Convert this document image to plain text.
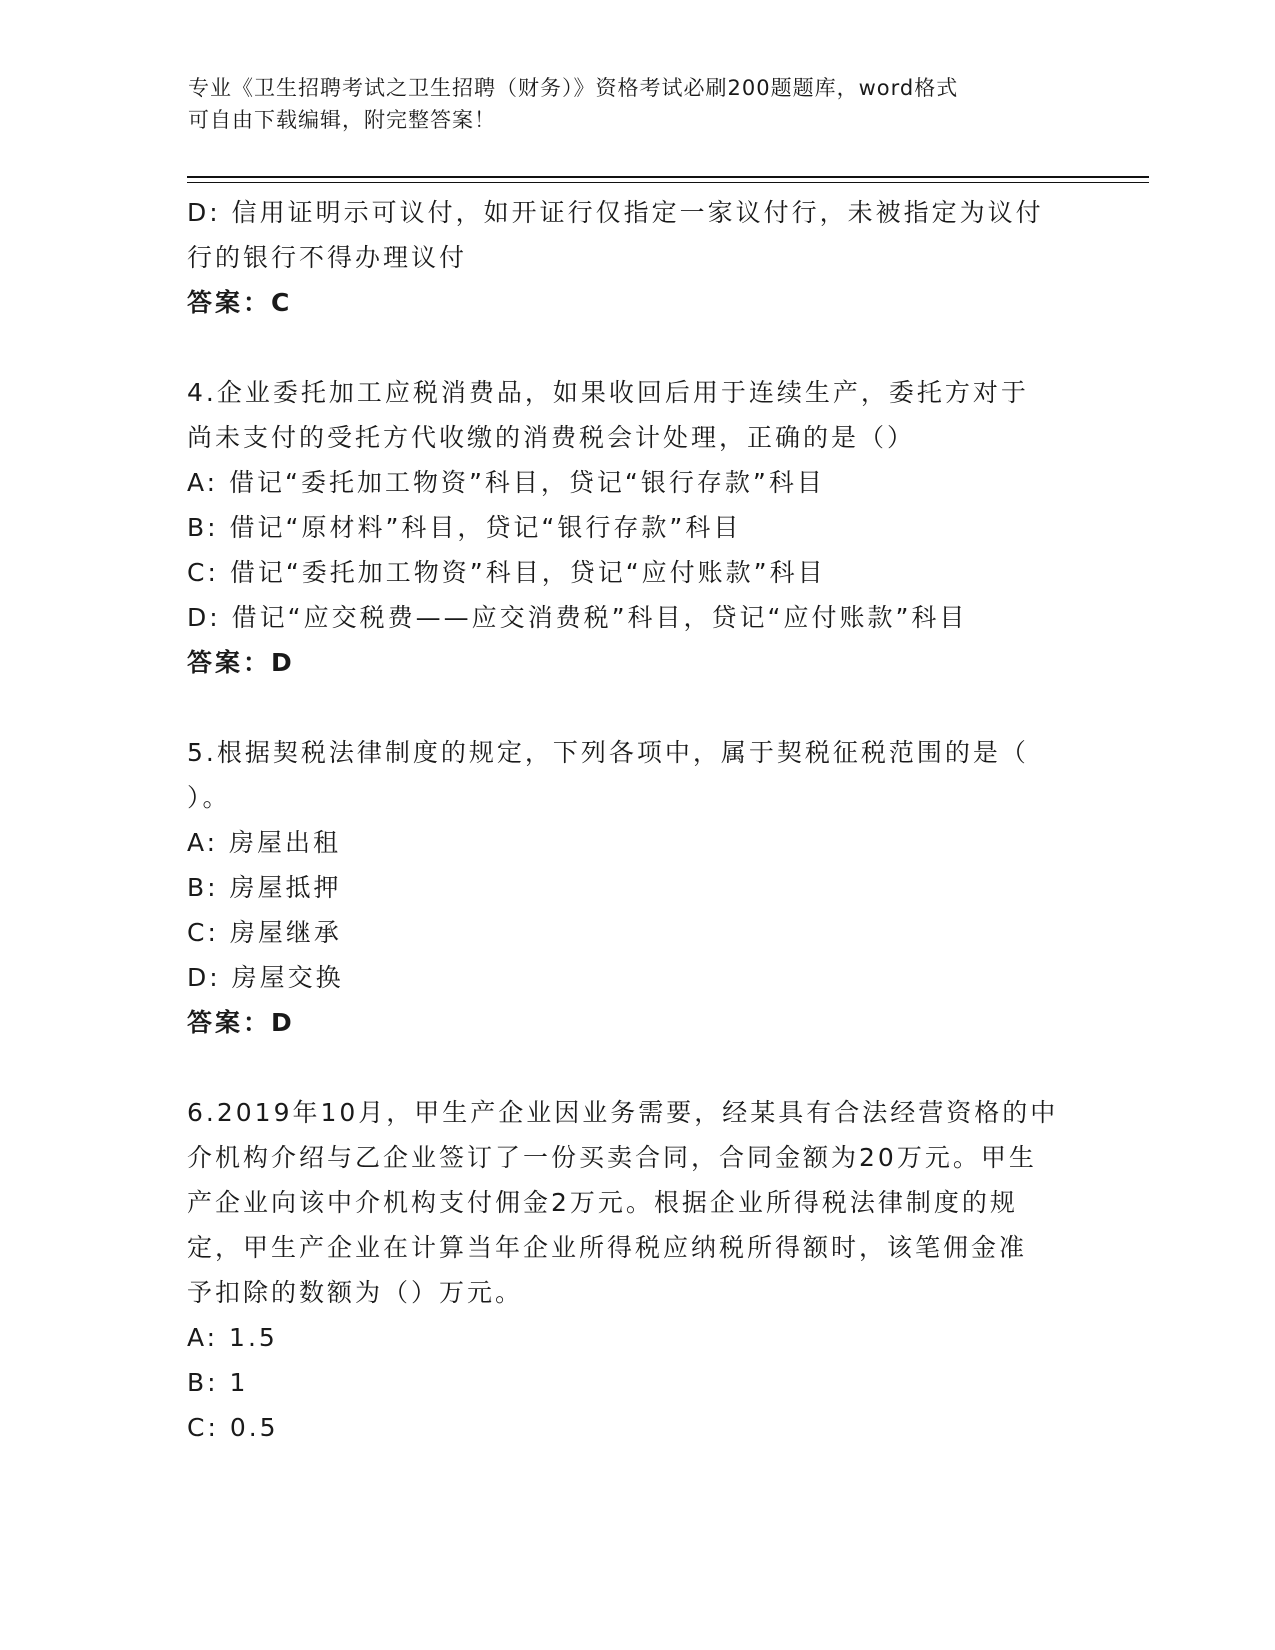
专业《卫生招聘考试之卫生招聘（财务）》资格考试必刷200题题库，word格式
可自由下载编辑，附完整答案！
D: 信用证明示可议付，如开证行仅指定一家议付行，未被指定为议付
行的银行不得办理议付
答案：C
4.企业委托加工应税消费品，如果收回后用于连续生产，委托方对于
尚未支付的受托方代收缴的消费税会计处理，正确的是（）
A: 借记“委托加工物资”科目，贷记“银行存款”科目
B: 借记“原材料”科目，贷记“银行存款”科目
C: 借记“委托加工物资”科目，贷记“应付账款”科目
D: 借记“应交税费——应交消费税”科目，贷记“应付账款”科目
答案：D
5.根据契税法律制度的规定，下列各项中，属于契税征税范围的是（
）。
A: 房屋出租
B: 房屋抵押
C: 房屋继承
D: 房屋交换
答案：D
6.2019年10月，甲生产企业因业务需要，经某具有合法经营资格的中
介机构介绍与乙企业签订了一份买卖合同，合同金额为20万元。甲生
产企业向该中介机构支付佣金2万元。根据企业所得税法律制度的规
定，甲生产企业在计算当年企业所得税应纳税所得额时，该笔佣金准
予扣除的数额为（）万元。
A: 1.5
B: 1
C: 0.5
